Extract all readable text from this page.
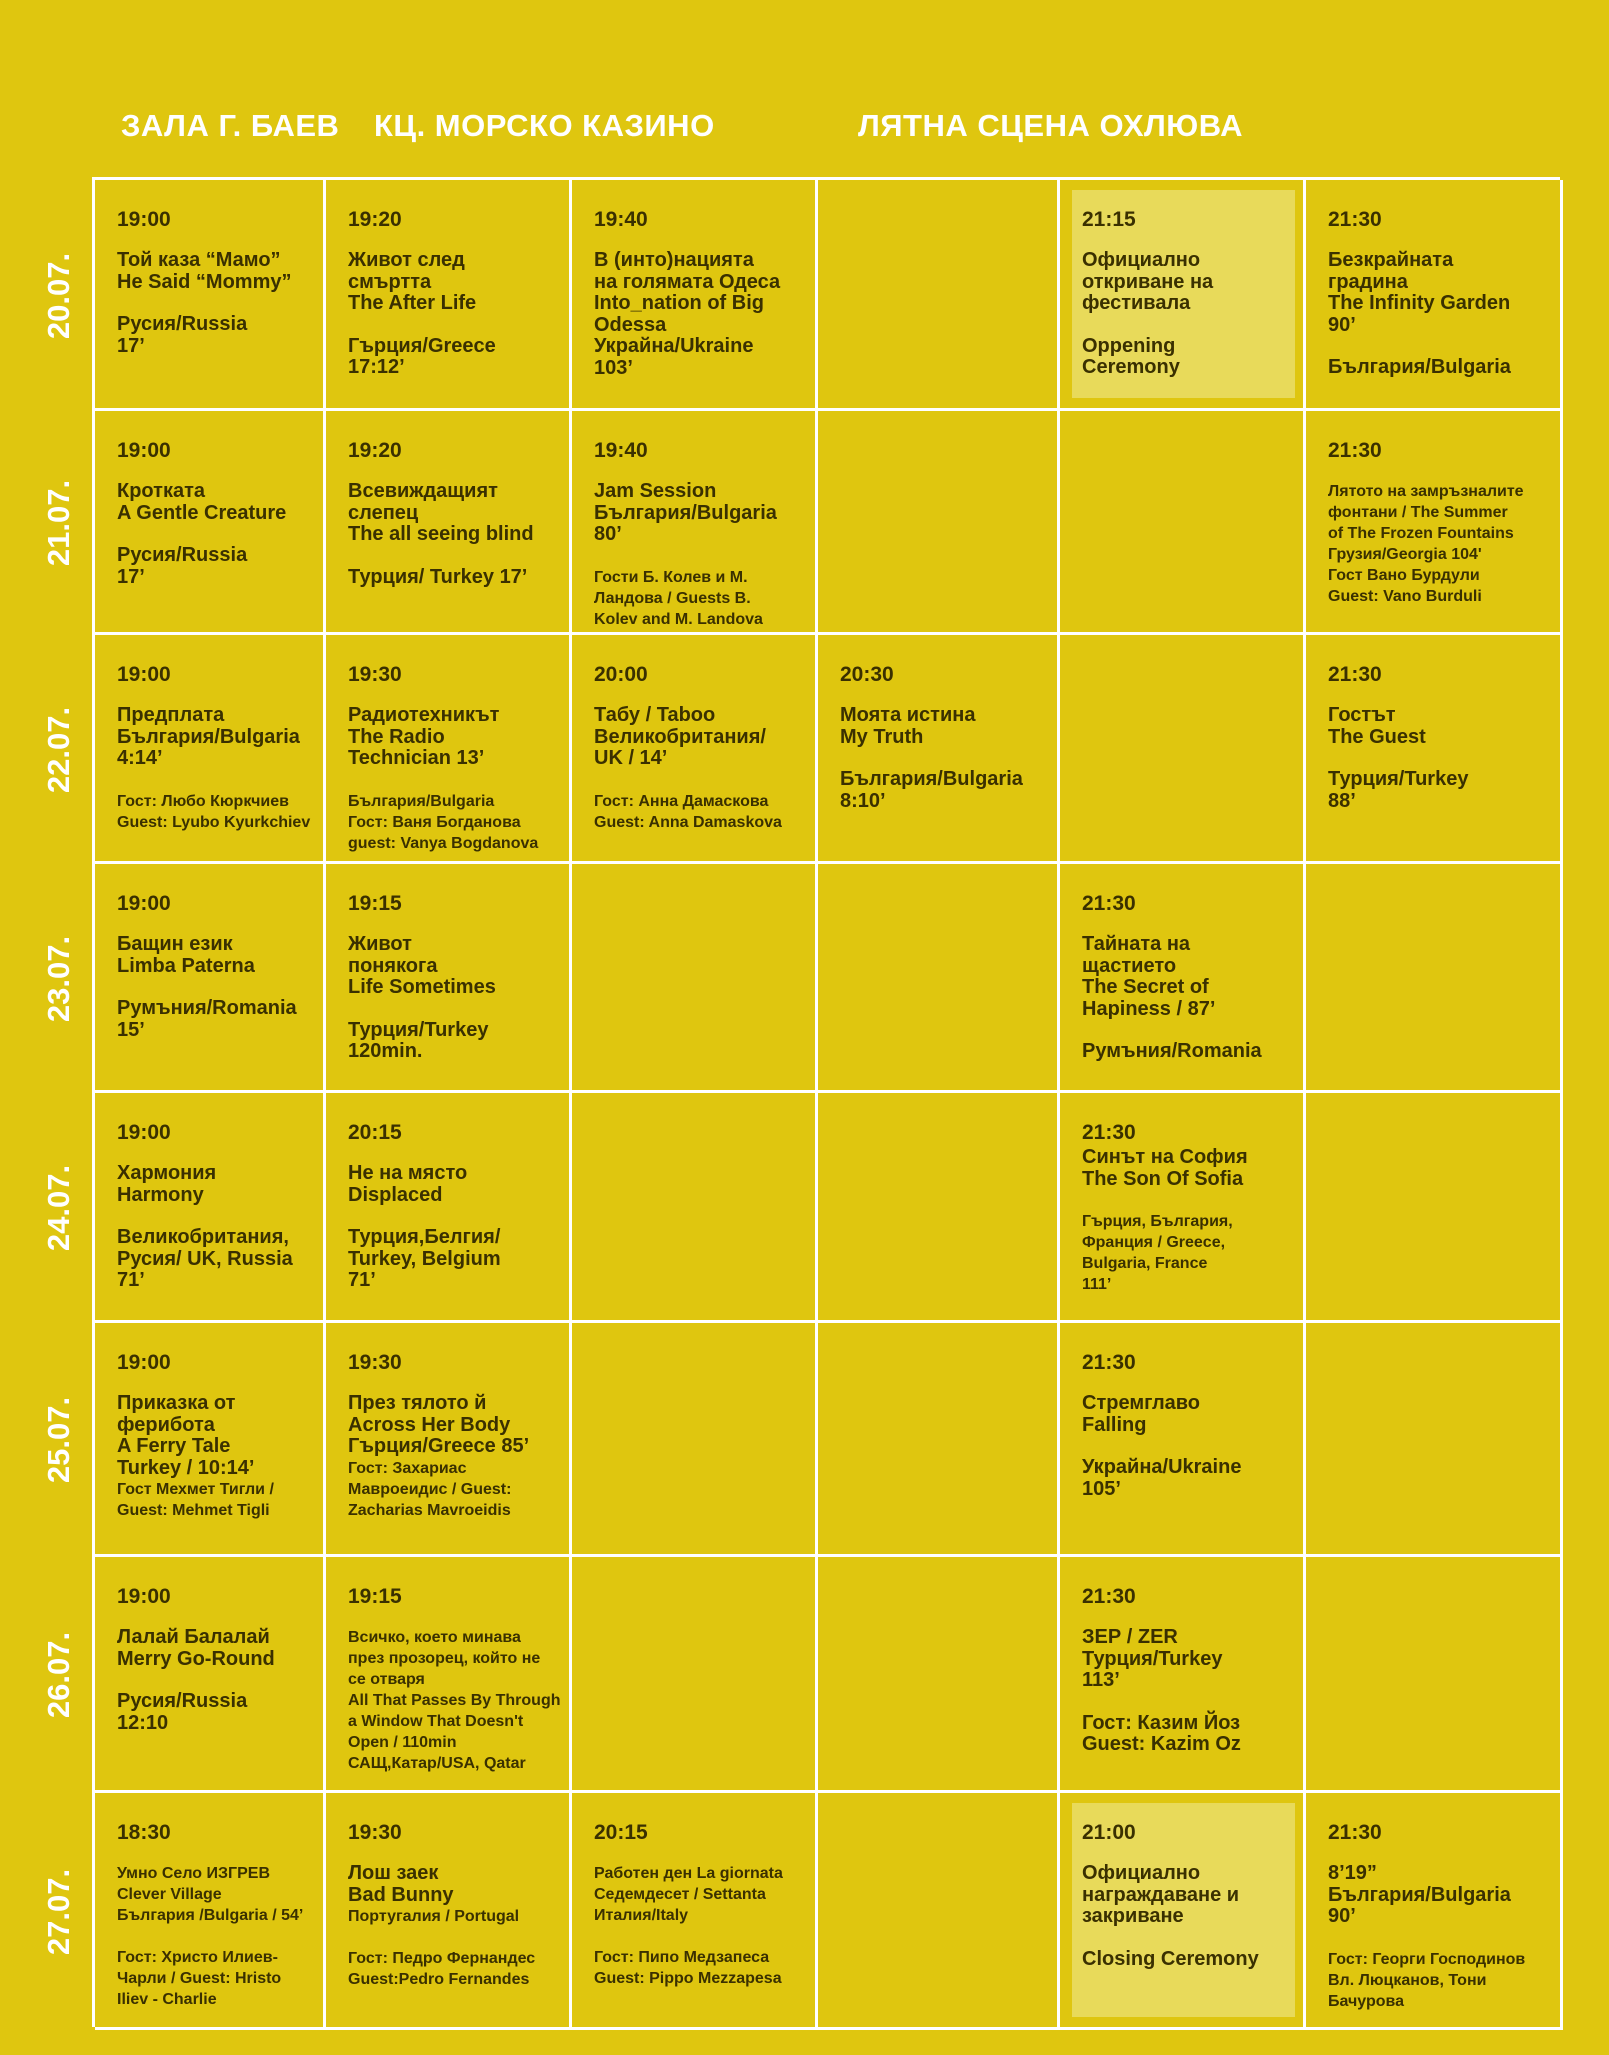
ЗАЛА Г. БАЕВ КЦ. МОРСКО КАЗИНО	ЛЯТНА СЦЕНА ОХЛЮВА
20.07.
21.07.
22.07.
23.07.
24.07.
25.07.
26.07.
27.07.
19:00
Той каза “Мамо”
He Said “Mommy”
Русия/Russia
17’
19:20
Живот след
смъртта
The After Life
Гърция/Greece
17:12’
19:40
В (инто)нацията
на голямата Одеса
Into_nation of Big
Odessa
Украйна/Ukraine
103’
21:15
Официално
откриване на
фестивала
Oppening
Ceremony
21:30
Безкрайната
градина
The Infinity Garden
90’
България/Bulgaria
19:00
Кротката
A Gentle Creature
Русия/Russia
17’
19:20
Всевиждащият
слепец
The all seeing blind
Турция/ Turkey 17’
19:40
Jam Session
България/Bulgaria
80’
Гости Б. Колев и М.
Ландова / Guests B.
Kolev and M. Landova
21:30
Лятото на замръзналите
фонтани / The Summer
of The Frozen Fountains
Грузия/Georgia 104'
Гост Вано Бурдули
Guest: Vano Burduli
19:00
Предплата
България/Bulgaria
4:14’
Гост: Любо Кюркчиев
Guest: Lyubo Kyurkchiev
19:30
Радиотехникът
The Radio
Technician 13’
България/Bulgaria
Гост: Ваня Богданова
guest: Vanya Bogdanova
20:00
Табу / Taboo
Великобритания/
UK / 14’
Гост: Анна Дамаскова
Guest: Anna Damaskova
20:30
Моята истина
My Truth
България/Bulgaria
8:10’
21:30
Гостът
The Guest
Турция/Turkey
88’
19:00
Бащин език
Limba Paterna
Румъния/Romania
15’
19:15
Живот
понякога
Life Sometimes
Турция/Turkey
120min.
21:30
Тайната на
щастието
The Secret of
Hapiness / 87’
Румъния/Romania
19:00
Хармония
Harmony
Великобритания,
Русия/ UK, Russia
71’
20:15
Не на място
Displaced
Турция,Белгия/
Turkey, Belgium
71’
21:30
Синът на София
The Son Of Sofia
Гърция, България,
Франция / Greece,
Bulgaria, France
111’
19:00
Приказка от
ферибота
A Ferry Tale
Turkey / 10:14’
Гост Мехмет Тигли /
Guest: Mehmet Tigli
19:30
През тялото й
Across Her Body
Гърция/Greece 85’
Гост: Захариас
Мавроеидис / Guest:
Zacharias Mavroeidis
21:30
Стремглаво
Falling
Украйна/Ukraine
105’
19:00
Лалай Балалай
Merry Go-Round
Русия/Russia
12:10
19:15
Всичко, което минава
през прозорец, който не
се отваря
All That Passes By Through
a Window That Doesn't
Open / 110min
САЩ,Катар/USA, Qatar
21:30
ЗЕР / ZER
Турция/Turkey
113’
Гост: Казим Йоз
Guest: Kazim Oz
18:30
Умно Село ИЗГРЕВ
Clever Village
България /Bulgaria / 54’
Гост: Христо Илиев-
Чарли / Guest: Hristo
Iliev - Charlie
19:30
Лош заек
Bad Bunny
Португалия / Portugal
Гост: Педро Фернандес
Guest:Pedro Fernandes
20:15
Работен ден La giornata
Седемдесет / Settanta
Италия/Italy
Гост: Пипо Медзапеса
Guest: Pippo Mezzapesa
21:00
Официално
награждаване и
закриване
Closing Ceremony
21:30
8’19”
България/Bulgaria
90’
Гост: Георги Господинов
Вл. Люцканов, Тони
Бачурова
